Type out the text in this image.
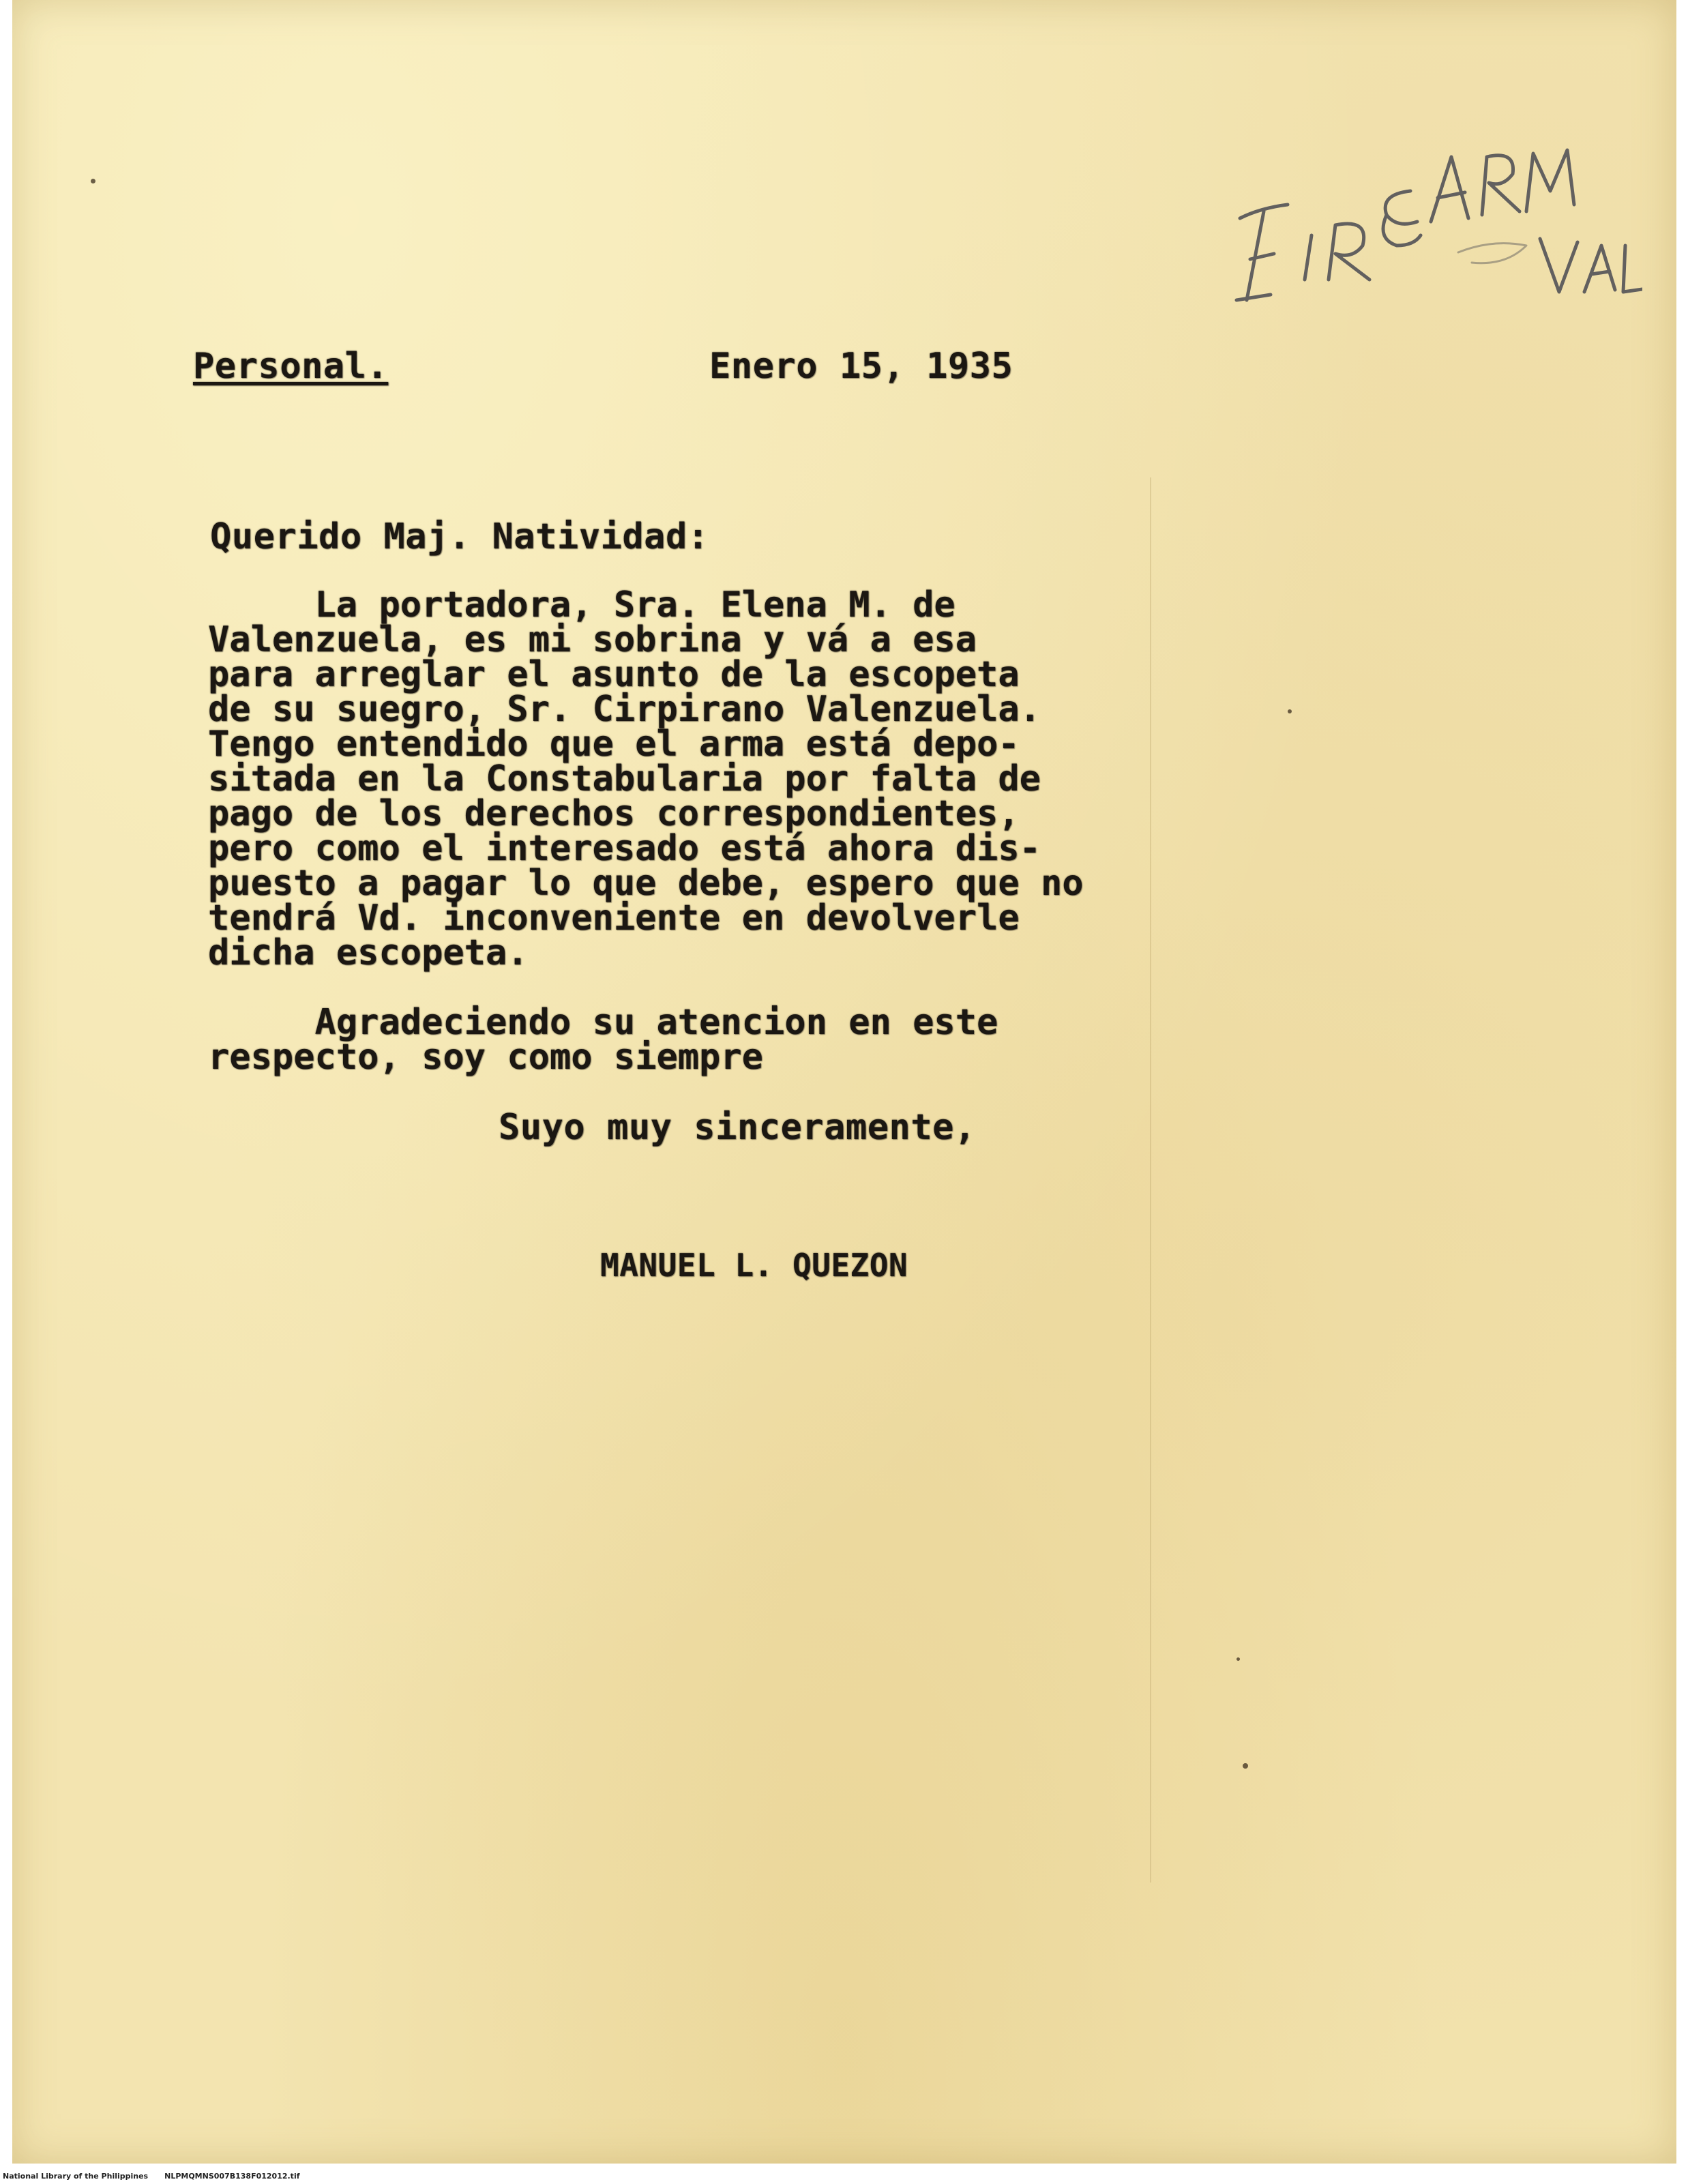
Personal.	Enero 15, 1935
Querido Maj. Natividad:
La portadora, Sra. Elena M. de
Valenzuela, es mi sobrina y vá a esa
para arreglar el asunto de la escopeta
de su suegro, Sr. Cirpirano Valenzuela.
Tengo entendido que el arma está depo-
sitada en la Constabularia por falta de
pago de los derechos correspondientes,
pero como el interesado está ahora dis-
puesto a pagar lo que debe, espero que no
tendrá Vd. inconveniente en devolverle
dicha escopeta.
Agradeciendo su atencion en este
respecto, soy como siempre
Suyo muy sinceramente,
MANUEL L. QUEZON
National Library of the Philippines NLPMQMNS007B138F012012.tif
